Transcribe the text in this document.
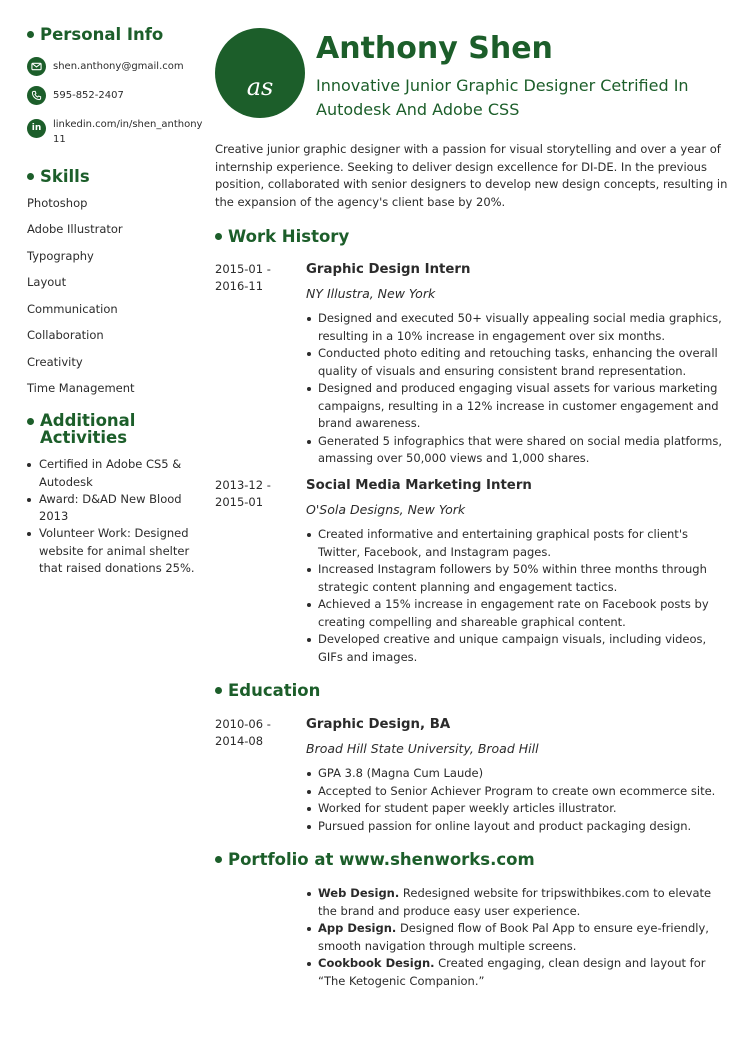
Personal Info
shen.anthony@gmail.com
595-852-2407
in linkedin.com/in/shen_anthony11
Skills
Photoshop
Adobe Illustrator
Typography
Layout
Communication
Collaboration
Creativity
Time Management
Additional Activities
Certified in Adobe CS5 & Autodesk
Award: D&AD New Blood 2013
Volunteer Work: Designed website for animal shelter that raised donations 25%.
as
Anthony Shen
Innovative Junior Graphic Designer Cetrified In Autodesk And Adobe CSS
Creative junior graphic designer with a passion for visual storytelling and over a year of internship experience. Seeking to deliver design excellence for DI-DE. In the previous position, collaborated with senior designers to develop new design concepts, resulting in the expansion of the agency's client base by 20%.
Work History
2015-01 - 2016-11
Graphic Design Intern
NY Illustra, New York
Designed and executed 50+ visually appealing social media graphics, resulting in a 10% increase in engagement over six months.
Conducted photo editing and retouching tasks, enhancing the overall quality of visuals and ensuring consistent brand representation.
Designed and produced engaging visual assets for various marketing campaigns, resulting in a 12% increase in customer engagement and brand awareness.
Generated 5 infographics that were shared on social media platforms, amassing over 50,000 views and 1,000 shares.
2013-12 - 2015-01
Social Media Marketing Intern
O'Sola Designs, New York
Created informative and entertaining graphical posts for client's Twitter, Facebook, and Instagram pages.
Increased Instagram followers by 50% within three months through strategic content planning and engagement tactics.
Achieved a 15% increase in engagement rate on Facebook posts by creating compelling and shareable graphical content.
Developed creative and unique campaign visuals, including videos, GIFs and images.
Education
2010-06 - 2014-08
Graphic Design, BA
Broad Hill State University, Broad Hill
GPA 3.8 (Magna Cum Laude)
Accepted to Senior Achiever Program to create own ecommerce site.
Worked for student paper weekly articles illustrator.
Pursued passion for online layout and product packaging design.
Portfolio at www.shenworks.com
Web Design. Redesigned website for tripswithbikes.com to elevate the brand and produce easy user experience.
App Design. Designed flow of Book Pal App to ensure eye-friendly, smooth navigation through multiple screens.
Cookbook Design. Created engaging, clean design and layout for “The Ketogenic Companion.”
